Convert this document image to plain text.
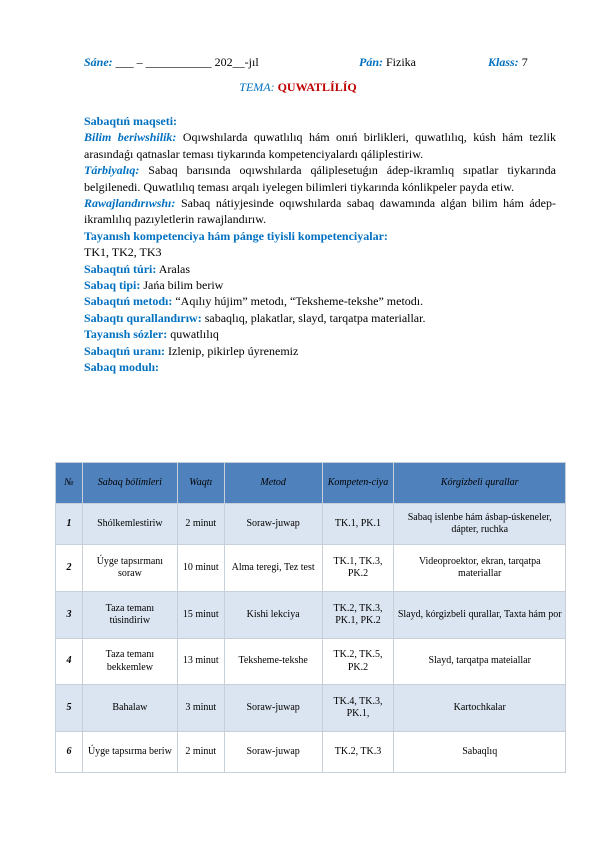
Sáne: ___ – ___________ 202__-jıl	Pán: Fizika	Klass: 7
TEMA: QUWATLÍLÍQ

Sabaqtıń maqseti:

Bilim beriwshilik: Oqıwshılarda quwatlılıq hám onıń birlikleri, quwatlılıq, kúsh hám tezlik arasındaǵı qatnaslar teması tiykarında kompetenciyalardı qáliplestiriw.

Tárbiyalıq: Sabaq barısında oqıwshılarda qáliplesetuǵın ádep-ikramlıq sıpatlar tiykarında belgilenedi. Quwatlılıq teması arqalı iyelegen bilimleri tiykarında kónlikpeler payda etiw.

Rawajlandırıwshı: Sabaq nátiyjesinde oqıwshılarda sabaq dawamında alǵan bilim hám ádep-ikramlılıq pazıyletlerin rawajlandırıw.

Tayanısh kompetenciya hám pánge tiyisli kompetenciyalar:

TK1, TK2, TK3

Sabaqtıń túri: Aralas

Sabaq tipi: Jańa bilim beriw

Sabaqtıń metodı: “Aqılıy hújim” metodı, “Teksheme-tekshe” metodı.

Sabaqtı qurallandırıw: sabaqlıq, plakatlar, slayd, tarqatpa materiallar.

Tayanısh sózler: quwatlılıq

Sabaqtıń uranı: Izlenip, pikirlep úyrenemiz

Sabaq modulı:

№	Sabaq bólimleri	Waqtı	Metod	Kompeten-ciya	Kórgizbeli qurallar
1	Shólkemlestiriw	2 minut	Soraw-juwap	TK.1, PK.1	Sabaq islenbe hám ásbap-úskeneler, dápter, ruchka
2	Úyge tapsırmanı soraw	10 minut	Alma teregi, Tez test	TK.1, TK.3, PK.2	Videoproektor, ekran, tarqatpa materiallar
3	Taza temanı túsindiriw	15 minut	Kishi lekciya	TK.2, TK.3, PK.1, PK.2	Slayd, kórgizbeli qurallar, Taxta hám por
4	Taza temanı bekkemlew	13 minut	Teksheme-tekshe	TK.2, TK.5, PK.2	Slayd, tarqatpa mateiallar
5	Bahalaw	3 minut	Soraw-juwap	TK.4, TK.3, PK.1,	Kartochkalar
6	Úyge tapsırma beriw	2 minut	Soraw-juwap	TK.2, TK.3	Sabaqlıq
